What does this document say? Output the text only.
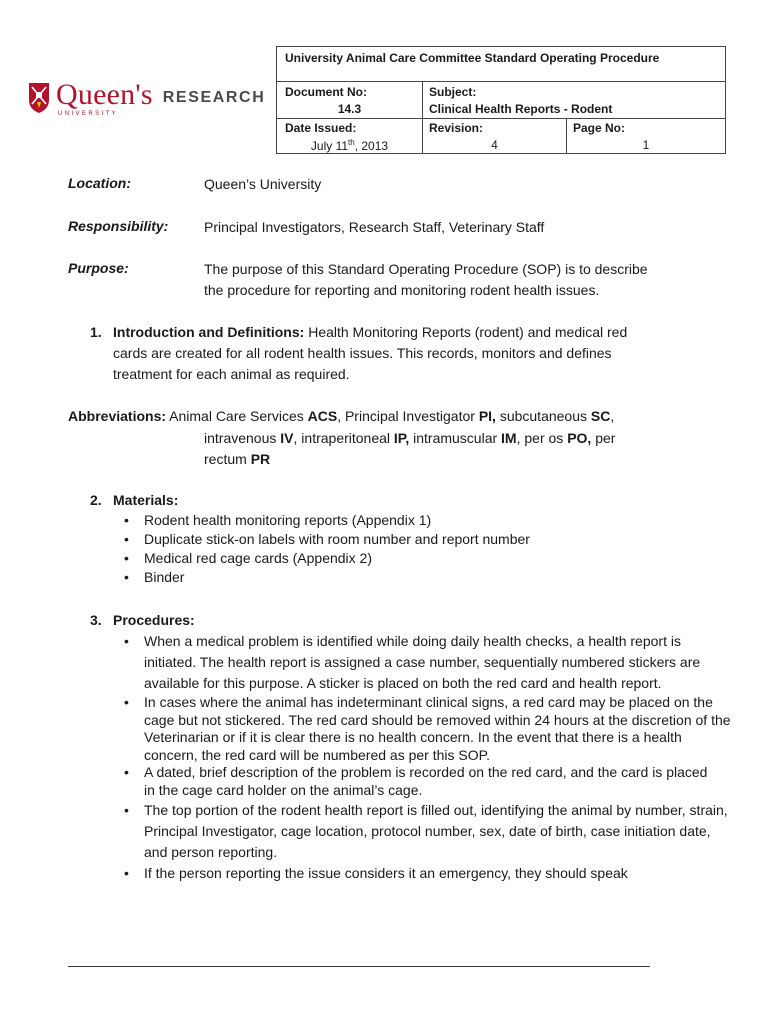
Queen's
UNIVERSITY
RESEARCH
University Animal Care Committee Standard Operating Procedure
Document No:
14.3
Subject:
Clinical Health Reports - Rodent
Date Issued:
July 11th, 2013
Revision:
4
Page No:
1
Location:	Queen’s University
Responsibility:	Principal Investigators, Research Staff, Veterinary Staff
Purpose:	The purpose of this Standard Operating Procedure (SOP) is to describe
the procedure for reporting and monitoring rodent health issues.
1. Introduction and Definitions: Health Monitoring Reports (rodent) and medical red
cards are created for all rodent health issues. This records, monitors and defines
treatment for each animal as required.
Abbreviations: Animal Care Services ACS, Principal Investigator PI, subcutaneous SC,
intravenous IV, intraperitoneal IP, intramuscular IM, per os PO, per
rectum PR
2. Materials:
• Rodent health monitoring reports (Appendix 1)
• Duplicate stick-on labels with room number and report number
• Medical red cage cards (Appendix 2)
• Binder
3. Procedures:
• When a medical problem is identified while doing daily health checks, a health report is initiated. The health report is assigned a case number, sequentially numbered stickers are available for this purpose. A sticker is placed on both the red card and health report.
• In cases where the animal has indeterminant clinical signs, a red card may be placed on the cage but not stickered. The red card should be removed within 24 hours at the discretion of the Veterinarian or if it is clear there is no health concern. In the event that there is a health concern, the red card will be numbered as per this SOP.
• A dated, brief description of the problem is recorded on the red card, and the card is placed in the cage card holder on the animal’s cage.
• The top portion of the rodent health report is filled out, identifying the animal by number, strain, Principal Investigator, cage location, protocol number, sex, date of birth, case initiation date, and person reporting.
• If the person reporting the issue considers it an emergency, they should speak
